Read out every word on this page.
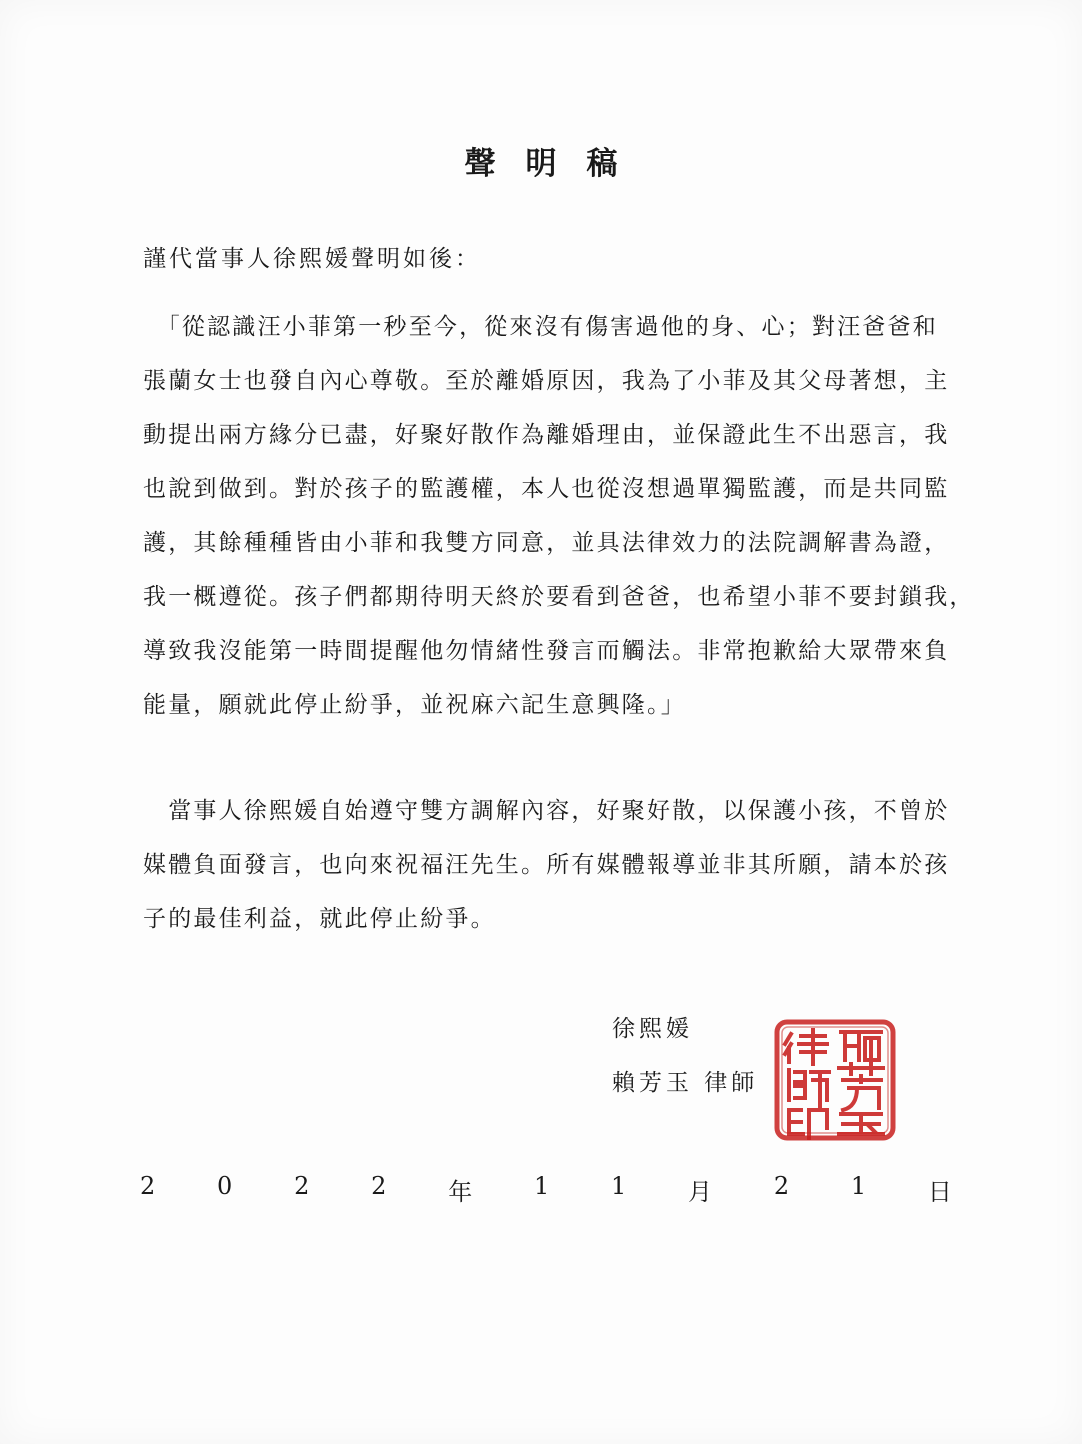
聲明稿
謹代當事人徐熙媛聲明如後：
　「從認識汪小菲第一秒至今，從來沒有傷害過他的身、心；對汪爸爸和
張蘭女士也發自內心尊敬。至於離婚原因，我為了小菲及其父母著想，主
動提出兩方緣分已盡，好聚好散作為離婚理由，並保證此生不出惡言，我
也說到做到。對於孩子的監護權，本人也從沒想過單獨監護，而是共同監
護，其餘種種皆由小菲和我雙方同意，並具法律效力的法院調解書為證，
我一概遵從。孩子們都期待明天終於要看到爸爸，也希望小菲不要封鎖我，
導致我沒能第一時間提醒他勿情緒性發言而觸法。非常抱歉給大眾帶來負
能量，願就此停止紛爭，並祝麻六記生意興隆。」
　當事人徐熙媛自始遵守雙方調解內容，好聚好散，以保護小孩，不曾於
媒體負面發言，也向來祝福汪先生。所有媒體報導並非其所願，請本於孩
子的最佳利益，就此停止紛爭。
徐熙媛
賴芳玉 律師
2	0	2	2	年	1	1	月	2	1	日
